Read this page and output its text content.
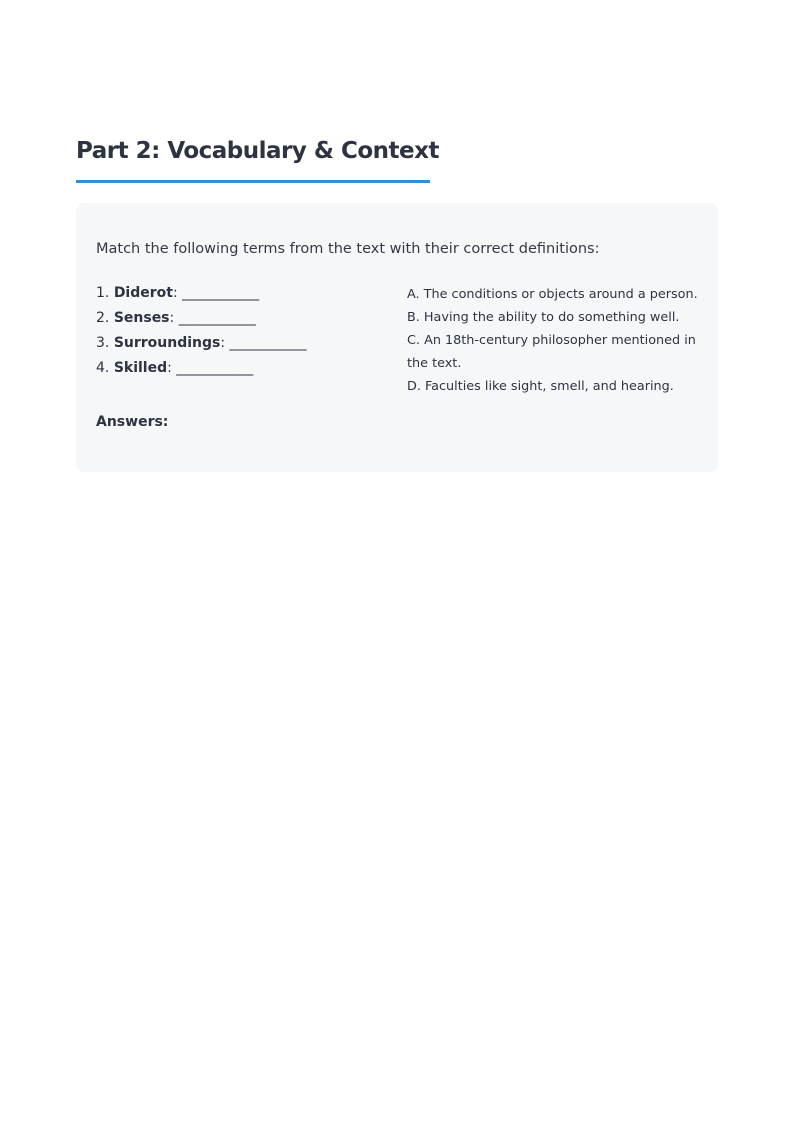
Part 2: Vocabulary & Context
Match the following terms from the text with their correct definitions:
1. Diderot: ___________
2. Senses: ___________
3. Surroundings: ___________
4. Skilled: ___________
A. The conditions or objects around a person.
B. Having the ability to do something well.
C. An 18th-century philosopher mentioned in the text.
D. Faculties like sight, smell, and hearing.
Answers:
